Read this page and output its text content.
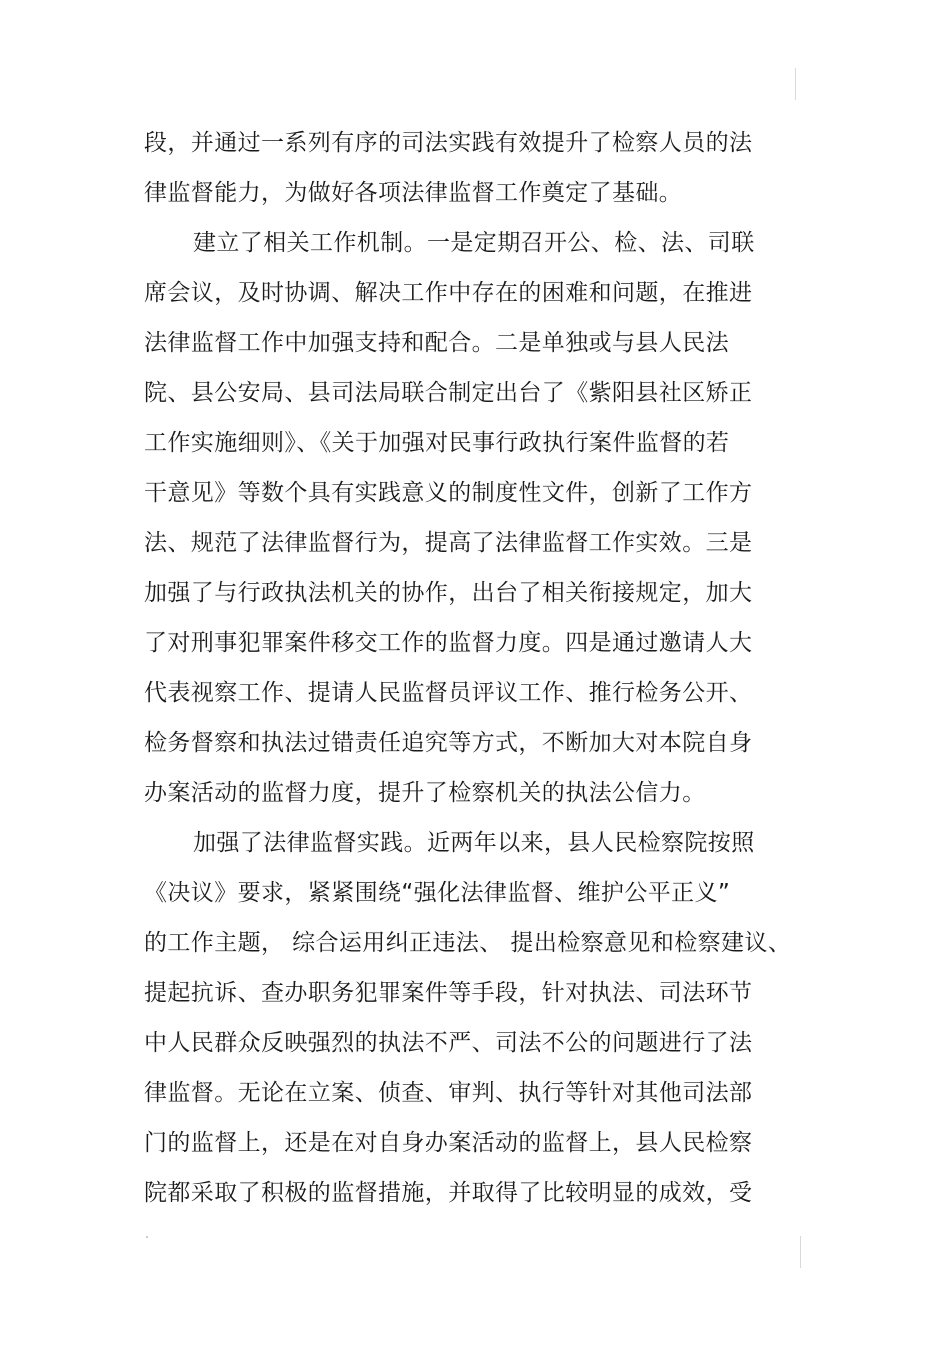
段，并通过一系列有序的司法实践有效提升了检察人员的法
律监督能力，为做好各项法律监督工作奠定了基础。
建立了相关工作机制。一是定期召开公、检、法、司联
席会议，及时协调、解决工作中存在的困难和问题，在推进
法律监督工作中加强支持和配合。二是单独或与县人民法
院、县公安局、县司法局联合制定出台了《紫阳县社区矫正
工作实施细则》、《关于加强对民事行政执行案件监督的若
干意见》等数个具有实践意义的制度性文件，创新了工作方
法、规范了法律监督行为，提高了法律监督工作实效。三是
加强了与行政执法机关的协作，出台了相关衔接规定，加大
了对刑事犯罪案件移交工作的监督力度。四是通过邀请人大
代表视察工作、提请人民监督员评议工作、推行检务公开、
检务督察和执法过错责任追究等方式，不断加大对本院自身
办案活动的监督力度，提升了检察机关的执法公信力。
加强了法律监督实践。近两年以来，县人民检察院按照
《决议》要求，紧紧围绕“强化法律监督、维护公平正义”
的工作主题， 综合运用纠正违法、 提出检察意见和检察建议、
提起抗诉、查办职务犯罪案件等手段，针对执法、司法环节
中人民群众反映强烈的执法不严、司法不公的问题进行了法
律监督。无论在立案、侦查、审判、执行等针对其他司法部
门的监督上，还是在对自身办案活动的监督上，县人民检察
院都采取了积极的监督措施，并取得了比较明显的成效，受
